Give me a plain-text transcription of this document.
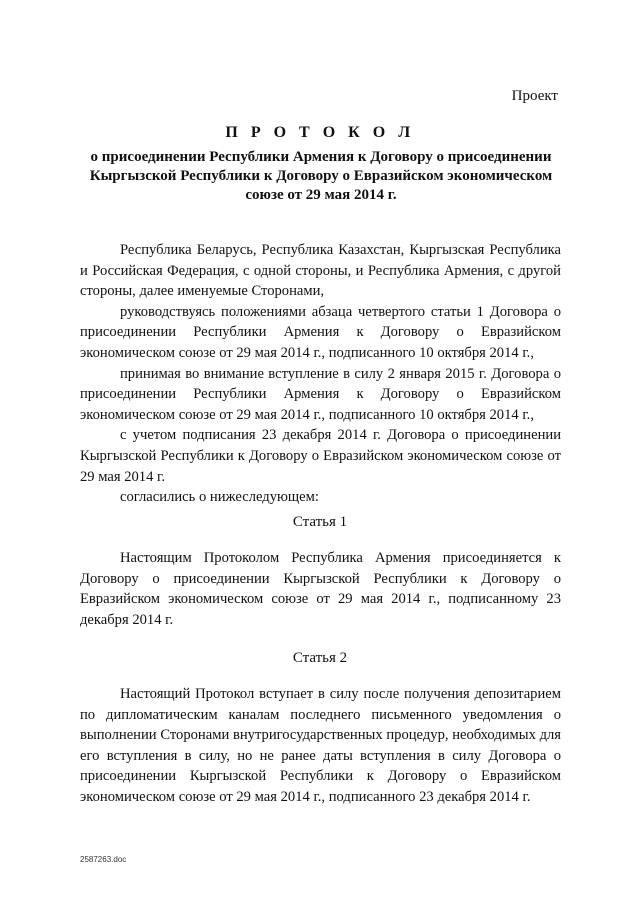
Проект
П Р О Т О К О Л
о присоединении Республики Армения к Договору о присоединении Кыргызской Республики к Договору о Евразийском экономическом союзе от 29 мая 2014 г.

Республика Беларусь, Республика Казахстан, Кыргызская Республика и Российская Федерация, с одной стороны, и Республика Армения, с другой стороны, далее именуемые Сторонами,

руководствуясь положениями абзаца четвертого статьи 1 Договора о присоединении Республики Армения к Договору о Евразийском экономическом союзе от 29 мая 2014 г., подписанного 10 октября 2014 г.,

принимая во внимание вступление в силу 2 января 2015 г. Договора о присоединении Республики Армения к Договору о Евразийском экономическом союзе от 29 мая 2014 г., подписанного 10 октября 2014 г.,

с учетом подписания 23 декабря 2014 г. Договора о присоединении Кыргызской Республики к Договору о Евразийском экономическом союзе от 29 мая 2014 г.

согласились о нижеследующем:

Статья 1

Настоящим Протоколом Республика Армения присоединяется к Договору о присоединении Кыргызской Республики к Договору о Евразийском экономическом союзе от 29 мая 2014 г., подписанному 23 декабря 2014 г.

Статья 2

Настоящий Протокол вступает в силу после получения депозитарием по дипломатическим каналам последнего письменного уведомления о выполнении Сторонами внутригосударственных процедур, необходимых для его вступления в силу, но не ранее даты вступления в силу Договора о присоединении Кыргызской Республики к Договору о Евразийском экономическом союзе от 29 мая 2014 г., подписанного 23 декабря 2014 г.

2587263.doc
